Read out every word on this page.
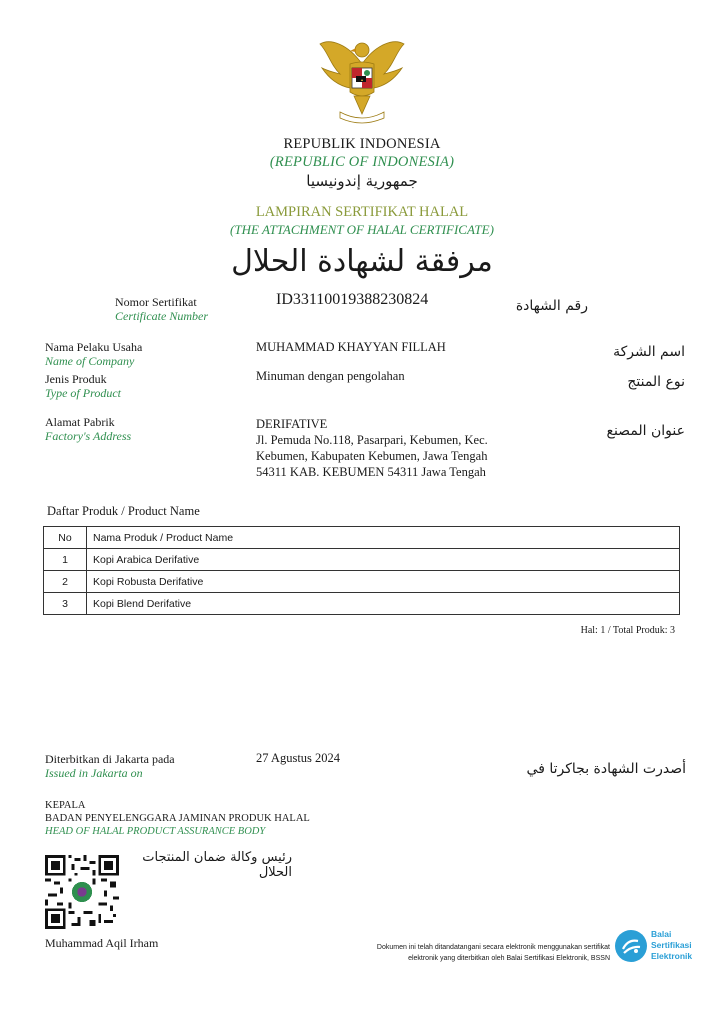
REPUBLIK INDONESIA
(REPUBLIC OF INDONESIA)
جمهورية إندونيسيا
LAMPIRAN SERTIFIKAT HALAL
(THE ATTACHMENT OF HALAL CERTIFICATE)
مرفقة لشهادة الحلال
Nomor Sertifikat
Certificate Number
ID33110019388230824	رقم الشهادة
Nama Pelaku Usaha
Name of Company
MUHAMMAD KHAYYAN FILLAH	اسم الشركة
Jenis Produk
Type of Product
Minuman dengan pengolahan	نوع المنتج
Alamat Pabrik
Factory's Address
DERIFATIVE
Jl. Pemuda No.118, Pasarpari, Kebumen, Kec.
Kebumen, Kabupaten Kebumen, Jawa Tengah
54311 KAB. KEBUMEN 54311 Jawa Tengah
عنوان المصنع
Daftar Produk / Product Name
No	Nama Produk / Product Name
1	Kopi Arabica Derifative
2	Kopi Robusta Derifative
3	Kopi Blend Derifative
Hal: 1 / Total Produk: 3
Diterbitkan di Jakarta pada
Issued in Jakarta on
27 Agustus 2024
أصدرت الشهادة بجاكرتا في
KEPALA
BADAN PENYELENGGARA JAMINAN PRODUK HALAL
HEAD OF HALAL PRODUCT ASSURANCE BODY
رئيس وكالة ضمان المنتجات الحلال
Muhammad Aqil Irham	Dokumen ini telah ditandatangani secara elektronik menggunakan sertifikat
elektronik yang diterbitkan oleh Balai Sertifikasi Elektronik, BSSN
Balai
Sertifikasi
Elektronik
